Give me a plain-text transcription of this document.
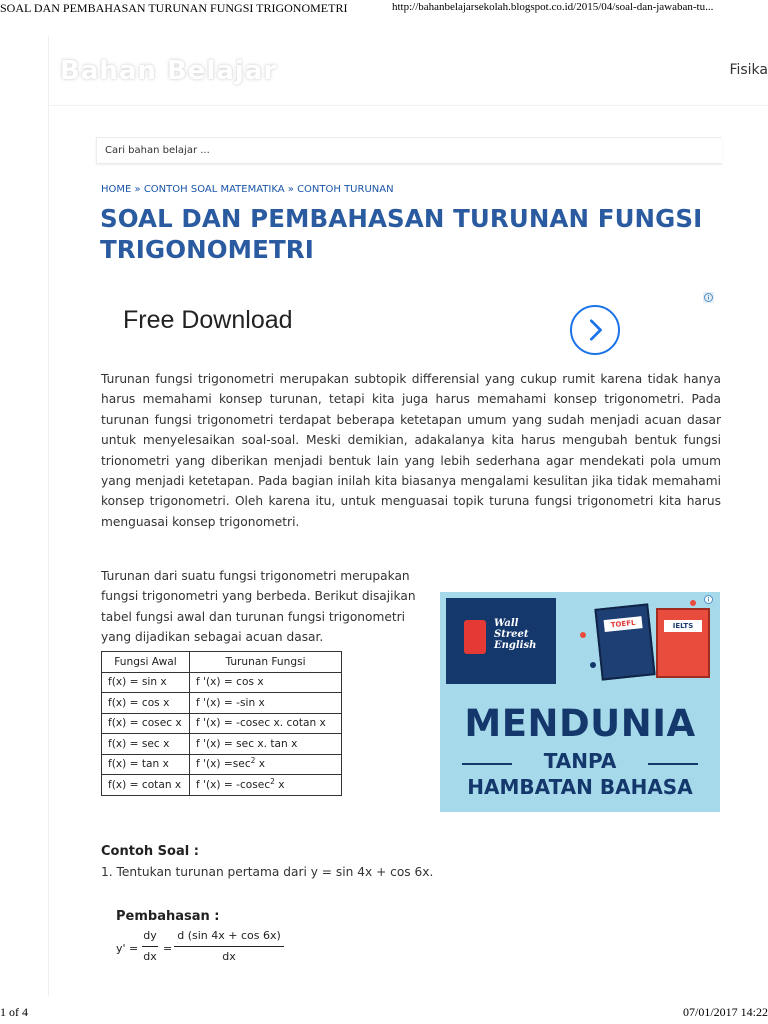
SOAL DAN PEMBAHASAN TURUNAN FUNGSI TRIGONOMETRI	http://bahanbelajarsekolah.blogspot.co.id/2015/04/soal-dan-jawaban-tu...
Bahan Belajar	Fisika
Cari bahan belajar ...
HOME » CONTOH SOAL MATEMATIKA » CONTOH TURUNAN
SOAL DAN PEMBAHASAN TURUNAN FUNGSI TRIGONOMETRI
Free Download

Turunan fungsi trigonometri merupakan subtopik differensial yang cukup rumit karena tidak hanya harus memahami konsep turunan, tetapi kita juga harus memahami konsep trigonometri. Pada turunan fungsi trigonometri terdapat beberapa ketetapan umum yang sudah menjadi acuan dasar untuk menyelesaikan soal-soal. Meski demikian, adakalanya kita harus mengubah bentuk fungsi trionometri yang diberikan menjadi bentuk lain yang lebih sederhana agar mendekati pola umum yang menjadi ketetapan. Pada bagian inilah kita biasanya mengalami kesulitan jika tidak memahami konsep trigonometri. Oleh karena itu, untuk menguasai topik turuna fungsi trigonometri kita harus menguasai konsep trigonometri.

Turunan dari suatu fungsi trigonometri merupakan fungsi trigonometri yang berbeda. Berikut disajikan tabel fungsi awal dan turunan fungsi trigonometri yang dijadikan sebagai acuan dasar.

Fungsi Awal	Turunan Fungsi
f(x) = sin x	f '(x) = cos x
f(x) = cos x	f '(x) = -sin x
f(x) = cosec x	f '(x) = -cosec x. cotan x
f(x) = sec x	f '(x) = sec x. tan x
f(x) = tan x	f '$(x) =\sec^2$ x
f(x) = cotan x	f '(x) = -cosec$^2$ x
Wall Street English
TOEFL	IELTS
MENDUNIA
TANPA
HAMBATAN BAHASA
Contoh Soal :
1. Tentukan turunan pertama dari y = sin 4x + cos 6x.
Pembahasan :
y' =
dy
dx
=
d (sin 4x + cos 6x)
dx
1 of 4	07/01/2017 14:22
